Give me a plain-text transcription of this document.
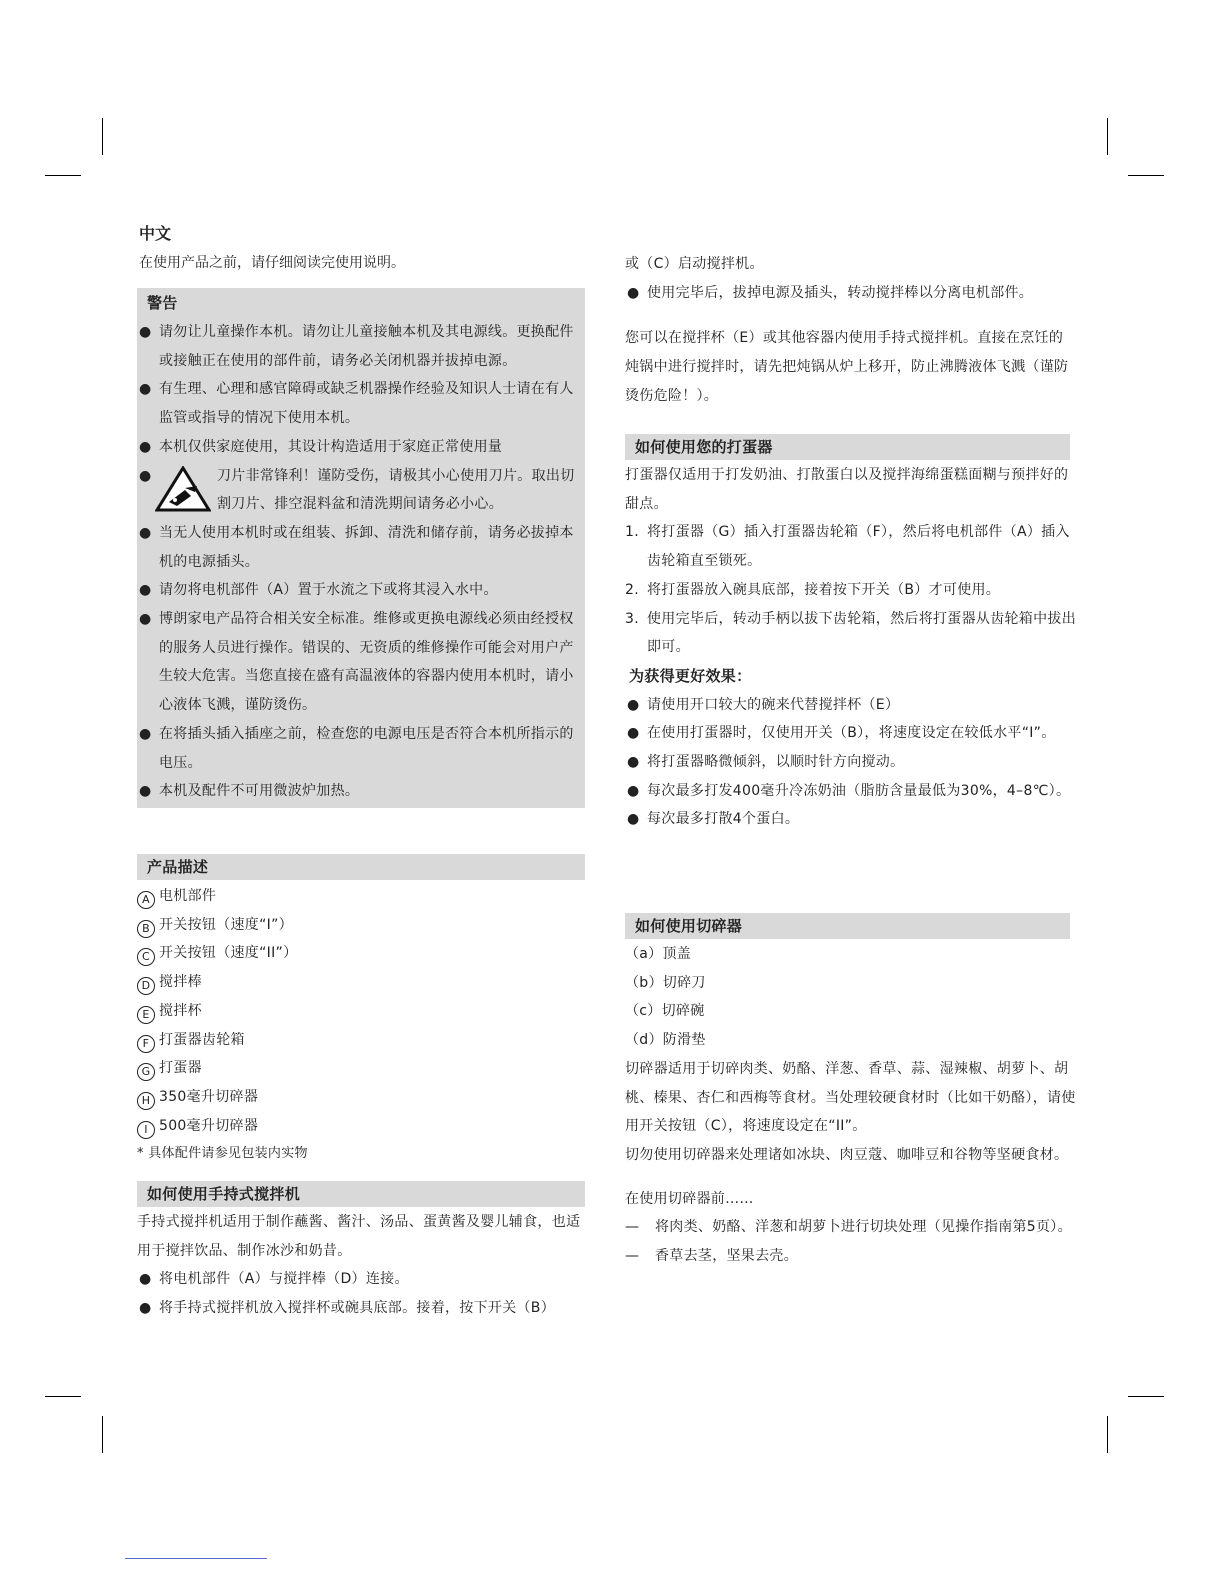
中文
在使用产品之前，请仔细阅读完使用说明。
警告
● 请勿让儿童操作本机。请勿让儿童接触本机及其电源线。更换配件或接触正在使用的部件前，请务必关闭机器并拔掉电源。
● 有生理、心理和感官障碍或缺乏机器操作经验及知识人士请在有人监管或指导的情况下使用本机。
● 本机仅供家庭使用，其设计构造适用于家庭正常使用量
●	刀片非常锋利！谨防受伤，请极其小心使用刀片。取出切割刀片、排空混料盆和清洗期间请务必小心。
● 当无人使用本机时或在组装、拆卸、清洗和储存前，请务必拔掉本机的电源插头。
● 请勿将电机部件（A）置于水流之下或将其浸入水中。
● 博朗家电产品符合相关安全标准。维修或更换电源线必须由经授权的服务人员进行操作。错误的、无资质的维修操作可能会对用户产生较大危害。当您直接在盛有高温液体的容器内使用本机时，请小心液体飞溅，谨防烫伤。
● 在将插头插入插座之前，检查您的电源电压是否符合本机所指示的电压。
● 本机及配件不可用微波炉加热。
产品描述
A 电机部件
B 开关按钮（速度“I”）
C 开关按钮（速度“II”）
D 搅拌棒
E 搅拌杯
F 打蛋器齿轮箱
G 打蛋器
H 350毫升切碎器
I 500毫升切碎器
* 具体配件请参见包装内实物
如何使用手持式搅拌机
手持式搅拌机适用于制作蘸酱、酱汁、汤品、蛋黄酱及婴儿辅食，也适用于搅拌饮品、制作冰沙和奶昔。
● 将电机部件（A）与搅拌棒（D）连接。
● 将手持式搅拌机放入搅拌杯或碗具底部。接着，按下开关（B）
或（C）启动搅拌机。
● 使用完毕后，拔掉电源及插头，转动搅拌棒以分离电机部件。
您可以在搅拌杯（E）或其他容器内使用手持式搅拌机。直接在烹饪的炖锅中进行搅拌时，请先把炖锅从炉上移开，防止沸腾液体飞溅（谨防烫伤危险！）。
如何使用您的打蛋器
打蛋器仅适用于打发奶油、打散蛋白以及搅拌海绵蛋糕面糊与预拌好的甜点。
1. 将打蛋器（G）插入打蛋器齿轮箱（F），然后将电机部件（A）插入齿轮箱直至锁死。
2. 将打蛋器放入碗具底部，接着按下开关（B）才可使用。
3. 使用完毕后，转动手柄以拔下齿轮箱，然后将打蛋器从齿轮箱中拔出即可。
为获得更好效果：
● 请使用开口较大的碗来代替搅拌杯（E）
● 在使用打蛋器时，仅使用开关（B），将速度设定在较低水平“I”。
● 将打蛋器略微倾斜，以顺时针方向搅动。
● 每次最多打发400毫升冷冻奶油（脂肪含量最低为30%，4–8℃）。
● 每次最多打散4个蛋白。
如何使用切碎器
（a）顶盖
（b）切碎刀
（c）切碎碗
（d）防滑垫
切碎器适用于切碎肉类、奶酪、洋葱、香草、蒜、湿辣椒、胡萝卜、胡桃、榛果、杏仁和西梅等食材。当处理较硬食材时（比如干奶酪），请使用开关按钮（C），将速度设定在“II”。
切勿使用切碎器来处理诸如冰块、肉豆蔻、咖啡豆和谷物等坚硬食材。
在使用切碎器前……
— 将肉类、奶酪、洋葱和胡萝卜进行切块处理（见操作指南第5页）。
— 香草去茎，坚果去壳。
